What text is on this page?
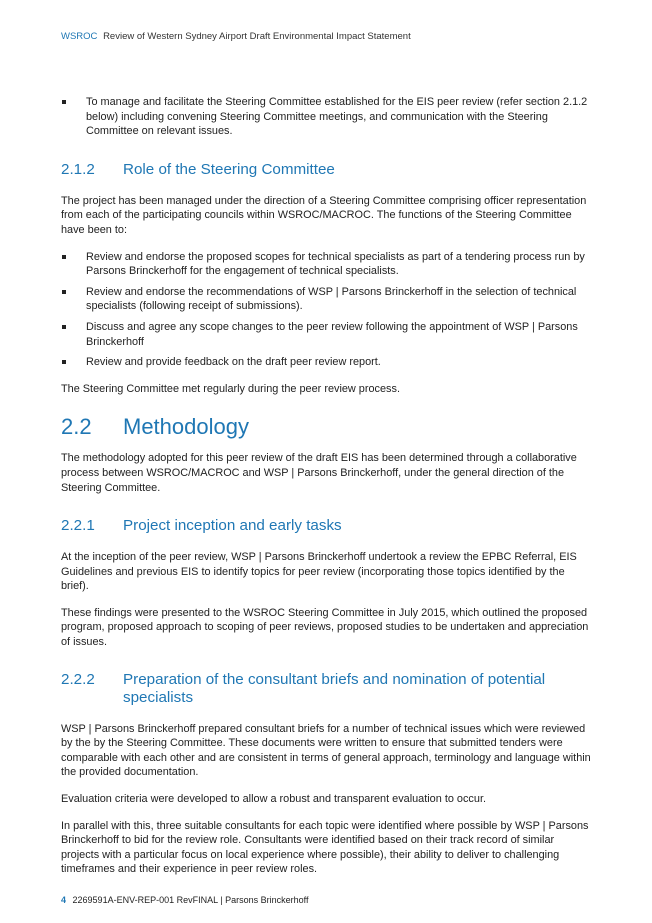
WSROC Review of Western Sydney Airport Draft Environmental Impact Statement
To manage and facilitate the Steering Committee established for the EIS peer review (refer section 2.1.2 below) including convening Steering Committee meetings, and communication with the Steering Committee on relevant issues.
2.1.2	Role of the Steering Committee

The project has been managed under the direction of a Steering Committee comprising officer representation from each of the participating councils within WSROC/MACROC. The functions of the Steering Committee have been to:

Review and endorse the proposed scopes for technical specialists as part of a tendering process run by Parsons Brinckerhoff for the engagement of technical specialists.
Review and endorse the recommendations of WSP | Parsons Brinckerhoff in the selection of technical specialists (following receipt of submissions).
Discuss and agree any scope changes to the peer review following the appointment of WSP | Parsons Brinckerhoff
Review and provide feedback on the draft peer review report.

The Steering Committee met regularly during the peer review process.

2.2	Methodology

The methodology adopted for this peer review of the draft EIS has been determined through a collaborative process between WSROC/MACROC and WSP | Parsons Brinckerhoff, under the general direction of the Steering Committee.

2.2.1	Project inception and early tasks

At the inception of the peer review, WSP | Parsons Brinckerhoff undertook a review the EPBC Referral, EIS Guidelines and previous EIS to identify topics for peer review (incorporating those topics identified by the brief).

These findings were presented to the WSROC Steering Committee in July 2015, which outlined the proposed program, proposed approach to scoping of peer reviews, proposed studies to be undertaken and appreciation of issues.

2.2.2	Preparation of the consultant briefs and nomination of potential specialists

WSP | Parsons Brinckerhoff prepared consultant briefs for a number of technical issues which were reviewed by the by the Steering Committee. These documents were written to ensure that submitted tenders were comparable with each other and are consistent in terms of general approach, terminology and language within the provided documentation.

Evaluation criteria were developed to allow a robust and transparent evaluation to occur.

In parallel with this, three suitable consultants for each topic were identified where possible by WSP | Parsons Brinckerhoff to bid for the review role. Consultants were identified based on their track record of similar projects with a particular focus on local experience where possible), their ability to deliver to challenging timeframes and their experience in peer review roles.

4 2269591A-ENV-REP-001 RevFINAL | Parsons Brinckerhoff
